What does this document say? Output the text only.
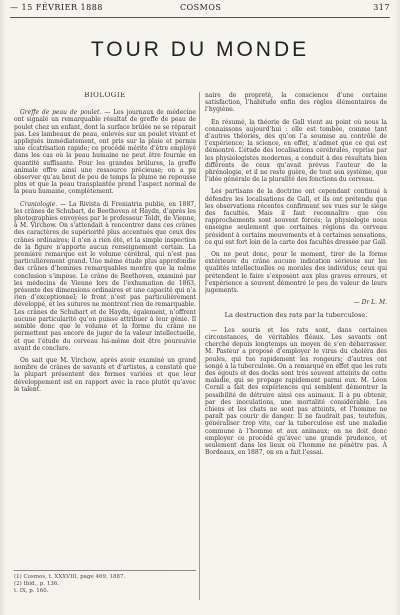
— 15 FÉVRIER 1888	COSMOS	317
TOUR DU MONDE
BIOLOGIE

Greffe de peau de poulet. — Les journaux de médecine ont signalé un remarquable résultat de greffe de peau de poulet chez un enfant, dont la surface brûlée ne se réparait pas. Les lambeaux de peau, enlevés sur un poulet vivant et appliqués immédiatement, ont pris sur la plaie et permis une cicatrisation rapide; ce procédé mérite d’être employé dans les cas où la peau humaine ne peut être fournie en quantité suffisante. Pour les grandes brûlures, la greffe animale offre ainsi une ressource précieuse; on a pu observer qu’au bout de peu de temps la plume ne repousse plus et que la peau transplantée prend l’aspect normal de la peau humaine, complètement.

Craniologie. — La Rivista di Freniatria publie, en 1887, les crânes de Schubart, de Beethoven et Haydn, d’après les photographies envoyées par le professeur Toldt, de Vienne, à M. Virchow. On s’attendait à rencontrer dans ces crânes des caractères de supériorité plus accentués que ceux des crânes ordinaires; il n’en a rien été, et la simple inspection de la figure n’apporte aucun renseignement certain. La première remarque est le volume cérébral, qui n’est pas particulièrement grand. Une même étude plus approfondie des crânes d’hommes remarquables montre que la même conclusion s’impose. Le crâne de Beethoven, examiné par les médecins de Vienne lors de l’exhumation de 1863, présente des dimensions ordinaires et une capacité qui n’a rien d’exceptionnel; le front n’est pas particulièrement développé, et les sutures ne montrent rien de remarquable. Les crânes de Schubart et de Haydn, également, n’offrent aucune particularité qu’on puisse attribuer à leur génie. Il semble donc que le volume et la forme du crâne ne permettent pas encore de juger de la valeur intellectuelle, et que l’étude du cerveau lui-même doit être poursuivie avant de conclure.

On sait que M. Virchow, après avoir examiné un grand nombre de crânes de savants et d’artistes, a constaté que la plupart présentent des formes variées et que leur développement est en rapport avec la race plutôt qu’avec le talent.

(1) Cosmos, t. XXXVIII, page 469, 1887.
(2) Ibid., p. 136.
t. IX, p. 160.

naire de propreté, la conscience d’une certaine satisfaction, l’habitude enfin des règles élémentaires de l’hygiène.

En résumé, la théorie de Gall vient au point où nous la connaissons aujourd’hui : elle est tombée, comme tant d’autres théories, dès qu’on l’a soumise au contrôle de l’expérience; la science, en effet, n’admet que ce qui est démontré. L’étude des localisations cérébrales, reprise par les physiologistes modernes, a conduit à des résultats bien différents de ceux qu’avait prévus l’auteur de la phrénologie, et il ne reste guère, de tout son système, que l’idée générale de la pluralité des fonctions du cerveau.

Les partisans de la doctrine ont cependant continué à défendre les localisations de Gall, et ils ont prétendu que les observations récentes confirment ses vues sur le siège des facultés. Mais il faut reconnaître que ces rapprochements sont souvent forcés; la physiologie nous enseigne seulement que certaines régions du cerveau président à certains mouvements et à certaines sensations, ce qui est fort loin de la carte des facultés dressée par Gall.

On ne peut donc, pour le moment, tirer de la forme extérieure du crâne aucune indication sérieuse sur les qualités intellectuelles ou morales des individus; ceux qui prétendent le faire s’exposent aux plus graves erreurs, et l’expérience a souvent démontré le peu de valeur de leurs jugements.

— Dr L. M.
La destruction des rats par la tuberculose.

— Les souris et les rats sont, dans certaines circonstances, de véritables fléaux. Les savants ont cherché depuis longtemps un moyen de s’en débarrasser. M. Pasteur a proposé d’employer le virus du choléra des poules, qui tue rapidement les rongeurs; d’autres ont songé à la tuberculose. On a remarqué en effet que les rats des égouts et des docks sont très souvent atteints de cette maladie, qui se propage rapidement parmi eux. M. Léon Cornil a fait des expériences qui semblent démontrer la possibilité de détruire ainsi ces animaux. Il a pu obtenir, par des inoculations, une mortalité considérable. Les chiens et les chats ne sont pas atteints, et l’homme ne paraît pas courir de danger. Il ne faudrait pas, toutefois, généraliser trop vite, car la tuberculose est une maladie commune à l’homme et aux animaux; on ne doit donc employer ce procédé qu’avec une grande prudence, et seulement dans les lieux où l’homme ne pénètre pas. À Bordeaux, en 1887, on en a fait l’essai.
